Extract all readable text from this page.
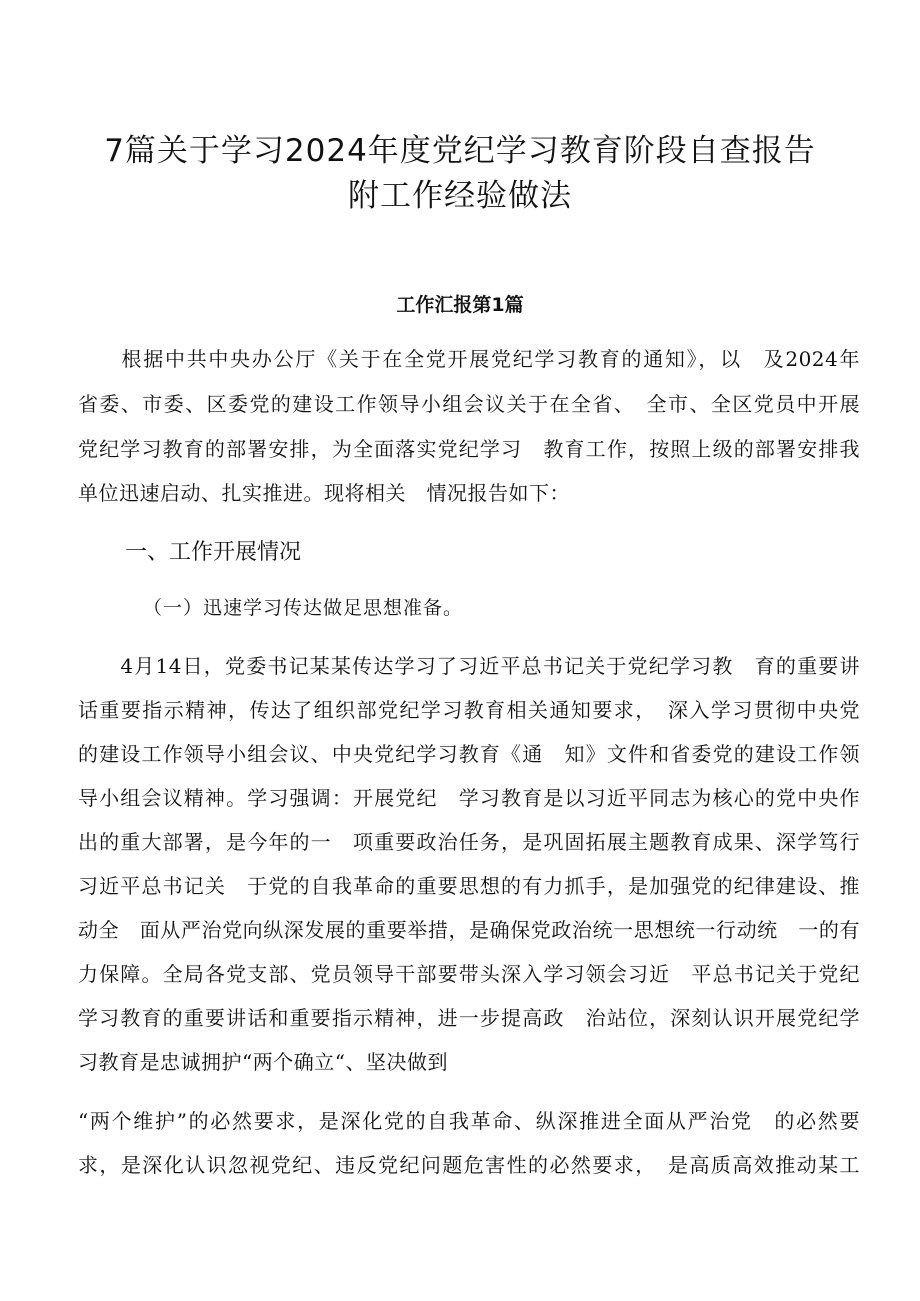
7篇关于学习2024年度党纪学习教育阶段自查报告
附工作经验做法
工作汇报第1篇
　　根据中共中央办公厅《关于在全党开展党纪学习教育的通知》，以　及2024年
省委、市委、区委党的建设工作领导小组会议关于在全省、　全市、全区党员中开展
党纪学习教育的部署安排，为全面落实党纪学习　教育工作，按照上级的部署安排我
单位迅速启动、扎实推进。现将相关　情况报告如下：
一、工作开展情况
（一）迅速学习传达做足思想准备。
　　4月14日，党委书记某某传达学习了习近平总书记关于党纪学习教　育的重要讲
话重要指示精神，传达了组织部党纪学习教育相关通知要求，　深入学习贯彻中央党
的建设工作领导小组会议、中央党纪学习教育《通　知》文件和省委党的建设工作领
导小组会议精神。学习强调：开展党纪　学习教育是以习近平同志为核心的党中央作
出的重大部署，是今年的一　项重要政治任务，是巩固拓展主题教育成果、深学笃行
习近平总书记关　于党的自我革命的重要思想的有力抓手，是加强党的纪律建设、推
动全　面从严治党向纵深发展的重要举措，是确保党政治统一思想统一行动统　一的有
力保障。全局各党支部、党员领导干部要带头深入学习领会习近　平总书记关于党纪
学习教育的重要讲话和重要指示精神，进一步提高政　治站位，深刻认识开展党纪学
习教育是忠诚拥护“两个确立“、坚决做到
“两个维护”的必然要求，是深化党的自我革命、纵深推进全面从严治党　的必然要
求，是深化认识忽视党纪、违反党纪问题危害性的必然要求，　是高质高效推动某工
